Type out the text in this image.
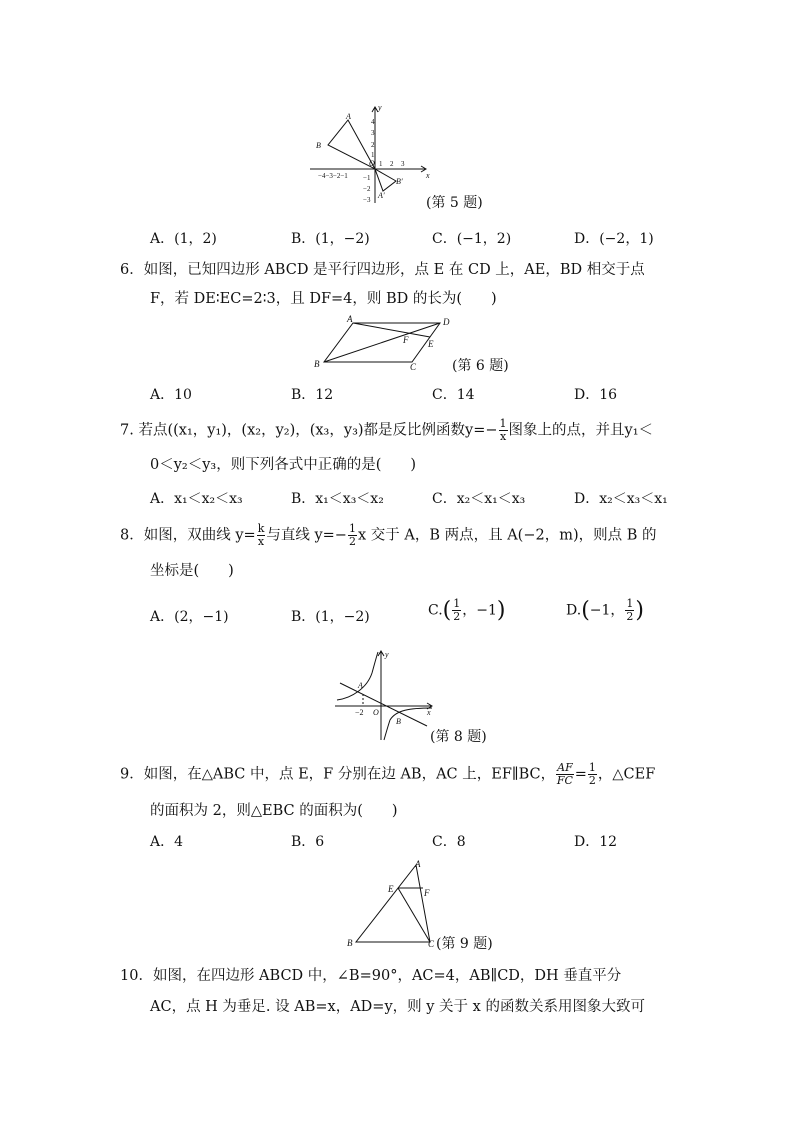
y
x
A
B
O
B′
A′
4
3
2
1
−1
−2
−3
1 2 3
−4−3−2−1
(第 5 题)
A．(1，2)	B．(1，−2)	C．(−1，2)	D．(−2，1)
6．如图，已知四边形 ABCD 是平行四边形，点 E 在 CD 上，AE，BD 相交于点
F，若 DE∶EC=2∶3，且 DF=4，则 BD 的长为(　　)
A	D
F E
B	C	(第 6 题)
A．10	B．12	C．14	D．16
7. 若点((x₁，y₁)，(x₂，y₂)，(x₃，y₃)都是反比例函数$y=- \frac{1}{x}$ 图象上的点，并且y₁＜
0＜y₂＜y₃，则下列各式中正确的是(　　)
A．x₁＜x₂＜x₃	B．x₁＜x₃＜x₂	C．x₂＜x₁＜x₃	D．x₂＜x₃＜x₁
8．如图，双曲线 $y= \frac{k}{x}$ 与直线 $y=- \frac{1}{2}$ x 交于 A，B 两点，且 A(−2，m)，则点 B 的
坐标是(　　)
A．(2，−1)	B．(1，−2)	$C.( \frac{1}{2}$ ，−1)	D.(−1， $\frac{1}{2}$ )
y
x
A
B
O
−2
(第 8 题)
9．如图，在△ABC 中，点 E，F 分别在边 AB，AC 上，EF∥BC， $\frac{AF}{FC} = \frac{1}{2}$ ，△CEF
的面积为 2，则△EBC 的面积为(　　)
A．4	B．6	C．8	D．12
A
E	F
B	C (第 9 题)
10．如图，在四边形 ABCD 中，∠B=90°，AC=4，AB∥CD，DH 垂直平分
AC，点 H 为垂足. 设 AB=x，AD=y，则 y 关于 x 的函数关系用图象大致可
